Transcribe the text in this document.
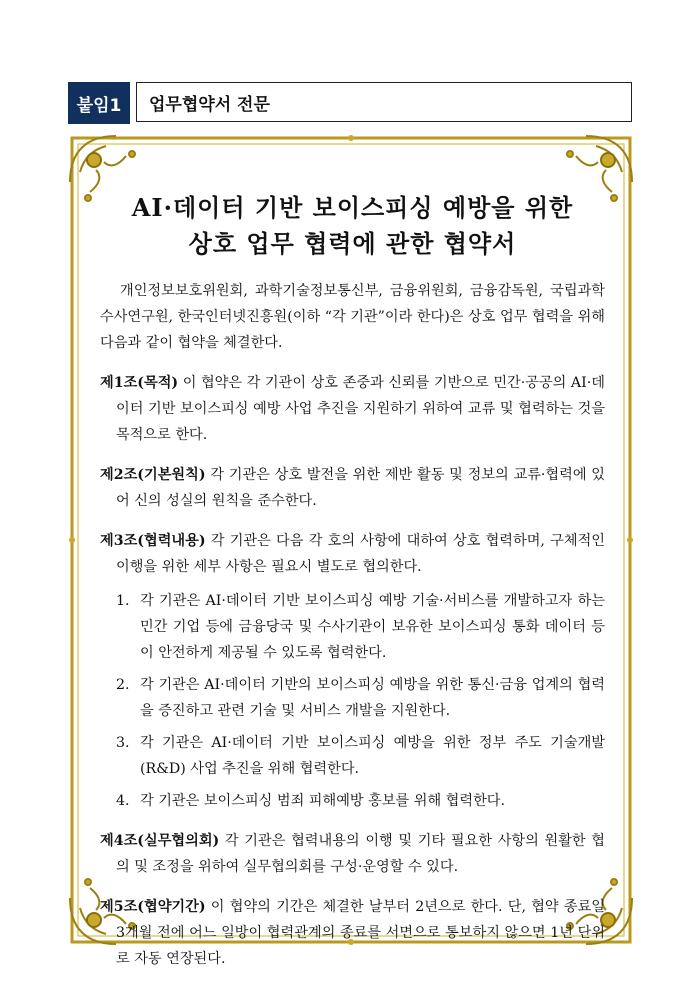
붙임1	업무협약서 전문
AI·데이터 기반 보이스피싱 예방을 위한
상호 업무 협력에 관한 협약서

개인정보보호위원회, 과학기술정보통신부, 금융위원회, 금융감독원, 국립과학수사연구원, 한국인터넷진흥원(이하 “각 기관”이라 한다)은 상호 업무 협력을 위해 다음과 같이 협약을 체결한다.

제1조(목적) 이 협약은 각 기관이 상호 존중과 신뢰를 기반으로 민간·공공의 AI·데이터 기반 보이스피싱 예방 사업 추진을 지원하기 위하여 교류 및 협력하는 것을 목적으로 한다.

제2조(기본원칙) 각 기관은 상호 발전을 위한 제반 활동 및 정보의 교류·협력에 있어 신의 성실의 원칙을 준수한다.

제3조(협력내용) 각 기관은 다음 각 호의 사항에 대하여 상호 협력하며, 구체적인 이행을 위한 세부 사항은 필요시 별도로 협의한다.

1. 각 기관은 AI·데이터 기반 보이스피싱 예방 기술·서비스를 개발하고자 하는 민간 기업 등에 금융당국 및 수사기관이 보유한 보이스피싱 통화 데이터 등이 안전하게 제공될 수 있도록 협력한다.
2. 각 기관은 AI·데이터 기반의 보이스피싱 예방을 위한 통신·금융 업계의 협력을 증진하고 관련 기술 및 서비스 개발을 지원한다.
3. 각 기관은 AI·데이터 기반 보이스피싱 예방을 위한 정부 주도 기술개발(R&D) 사업 추진을 위해 협력한다.
4. 각 기관은 보이스피싱 범죄 피해예방 홍보를 위해 협력한다.

제4조(실무협의회) 각 기관은 협력내용의 이행 및 기타 필요한 사항의 원활한 협의 및 조정을 위하여 실무협의회를 구성·운영할 수 있다.

제5조(협약기간) 이 협약의 기간은 체결한 날부터 2년으로 한다. 단, 협약 종료일 3개월 전에 어느 일방이 협력관계의 종료를 서면으로 통보하지 않으면 1년 단위로 자동 연장된다.
